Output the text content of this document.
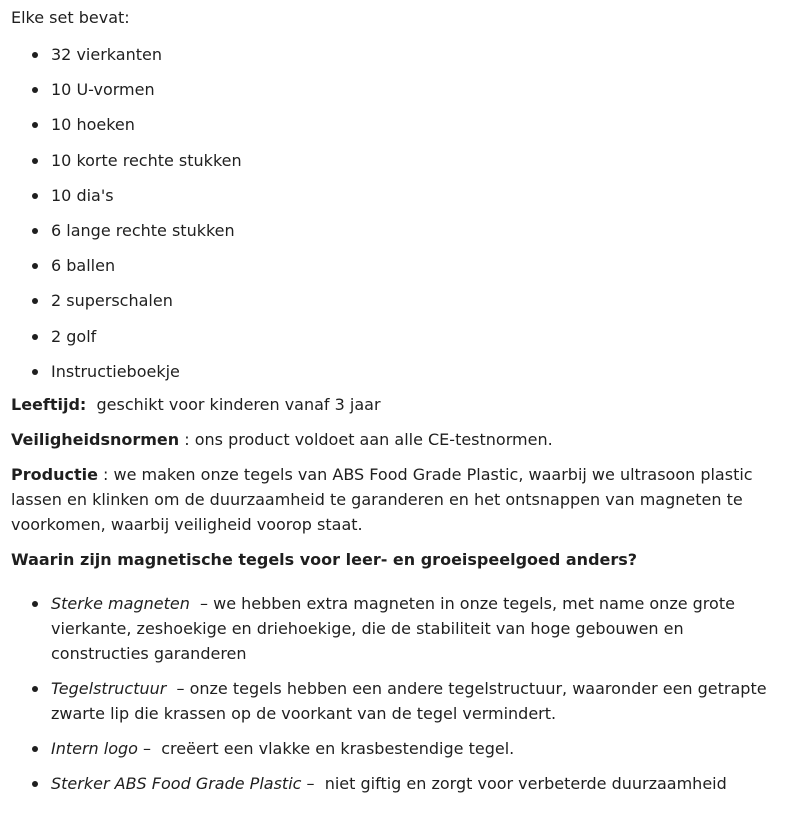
Elke set bevat:

32 vierkanten
10 U-vormen
10 hoeken
10 korte rechte stukken
10 dia's
6 lange rechte stukken
6 ballen
2 superschalen
2 golf
Instructieboekje

Leeftijd:  geschikt voor kinderen vanaf 3 jaar

Veiligheidsnormen : ons product voldoet aan alle CE-testnormen.

Productie : we maken onze tegels van ABS Food Grade Plastic, waarbij we ultrasoon plastic lassen en klinken om de duurzaamheid te garanderen en het ontsnappen van magneten te voorkomen, waarbij veiligheid voorop staat.

Waarin zijn magnetische tegels voor leer- en groeispeelgoed anders?

Sterke magneten  – we hebben extra magneten in onze tegels, met name onze grote vierkante, zeshoekige en driehoekige, die de stabiliteit van hoge gebouwen en constructies garanderen
Tegelstructuur  – onze tegels hebben een andere tegelstructuur, waaronder een getrapte zwarte lip die krassen op de voorkant van de tegel vermindert.
Intern logo –  creëert een vlakke en krasbestendige tegel.
Sterker ABS Food Grade Plastic –  niet giftig en zorgt voor verbeterde duurzaamheid
